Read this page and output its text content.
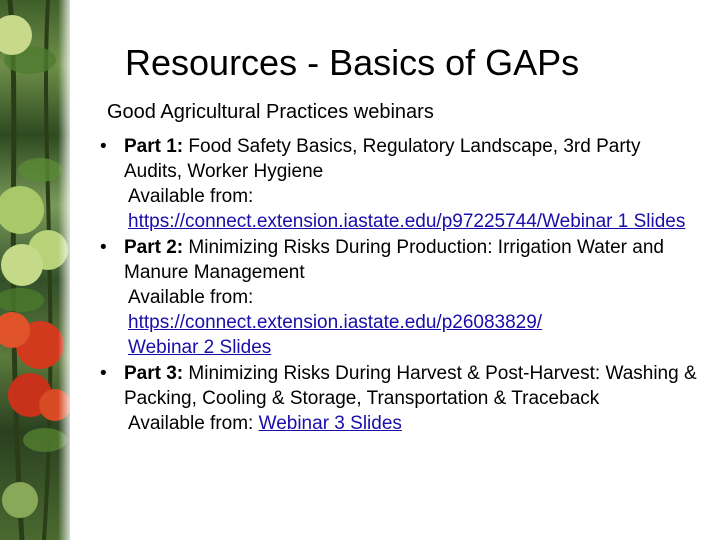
Resources - Basics of GAPs
Good Agricultural Practices webinars
• Part 1: Food Safety Basics, Regulatory Landscape, 3rd Party Audits, Worker Hygiene
Available from:
https://connect.extension.iastate.edu/p97225744/Webinar 1 Slides
• Part 2: Minimizing Risks During Production: Irrigation Water and Manure Management
Available from:
https://connect.extension.iastate.edu/p26083829/
Webinar 2 Slides
• Part 3: Minimizing Risks During Harvest & Post-Harvest: Washing & Packing, Cooling & Storage, Transportation & Traceback
Available from: Webinar 3 Slides
